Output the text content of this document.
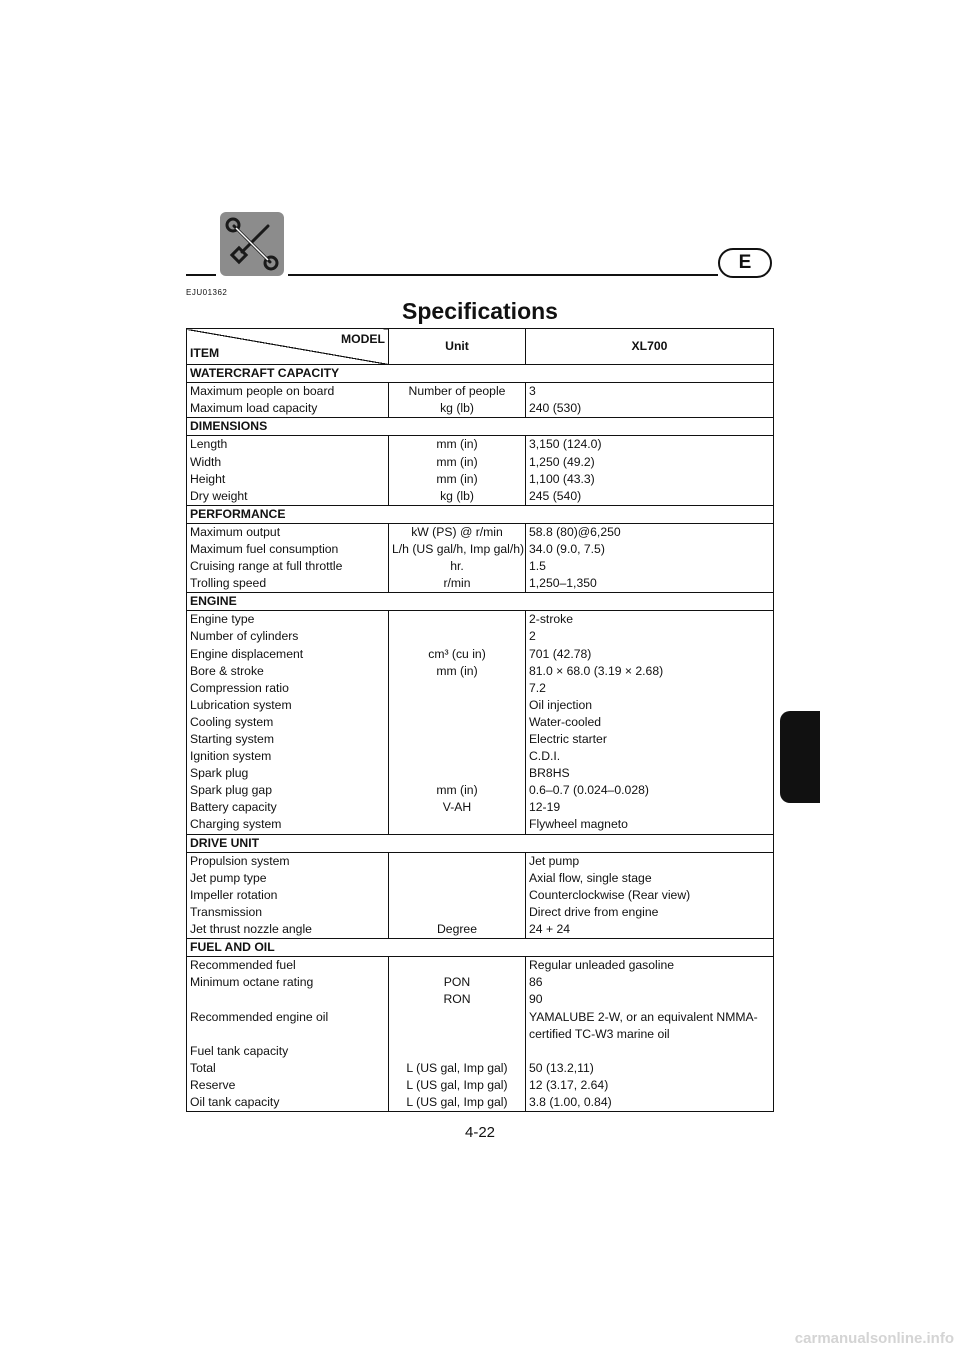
E
EJU01362
Specifications
MODEL
ITEM	Unit	XL700
WATERCRAFT CAPACITY		
Maximum people on board	Number of people	3
Maximum load capacity	kg (lb)	240 (530)
DIMENSIONS		
Length	mm (in)	3,150 (124.0)
Width	mm (in)	1,250 (49.2)
Height	mm (in)	1,100 (43.3)
Dry weight	kg (lb)	245 (540)
PERFORMANCE		
Maximum output	kW (PS) @ r/min	58.8 (80)@6,250
Maximum fuel consumption	L/h (US gal/h, Imp gal/h)	34.0 (9.0, 7.5)
Cruising range at full throttle	hr.	1.5
Trolling speed	r/min	1,250–1,350
ENGINE		
Engine type		2-stroke
Number of cylinders		2
Engine displacement	cm³ (cu in)	701 (42.78)
Bore & stroke	mm (in)	81.0 × 68.0 (3.19 × 2.68)
Compression ratio		7.2
Lubrication system		Oil injection
Cooling system		Water-cooled
Starting system		Electric starter
Ignition system		C.D.I.
Spark plug		BR8HS
Spark plug gap	mm (in)	0.6–0.7 (0.024–0.028)
Battery capacity	V-AH	12-19
Charging system		Flywheel magneto
DRIVE UNIT		
Propulsion system		Jet pump
Jet pump type		Axial flow, single stage
Impeller rotation		Counterclockwise (Rear view)
Transmission		Direct drive from engine
Jet thrust nozzle angle	Degree	24 + 24
FUEL AND OIL		
Recommended fuel		Regular unleaded gasoline
Minimum octane rating	PON	86
	RON	90
Recommended engine oil		YAMALUBE 2-W, or an equivalent NMMA-
		certified TC-W3 marine oil
Fuel tank capacity		
Total	L (US gal, Imp gal)	50 (13.2,11)
Reserve	L (US gal, Imp gal)	12 (3.17, 2.64)
Oil tank capacity	L (US gal, Imp gal)	3.8 (1.00, 0.84)
4-22
carmanualsonline.info
